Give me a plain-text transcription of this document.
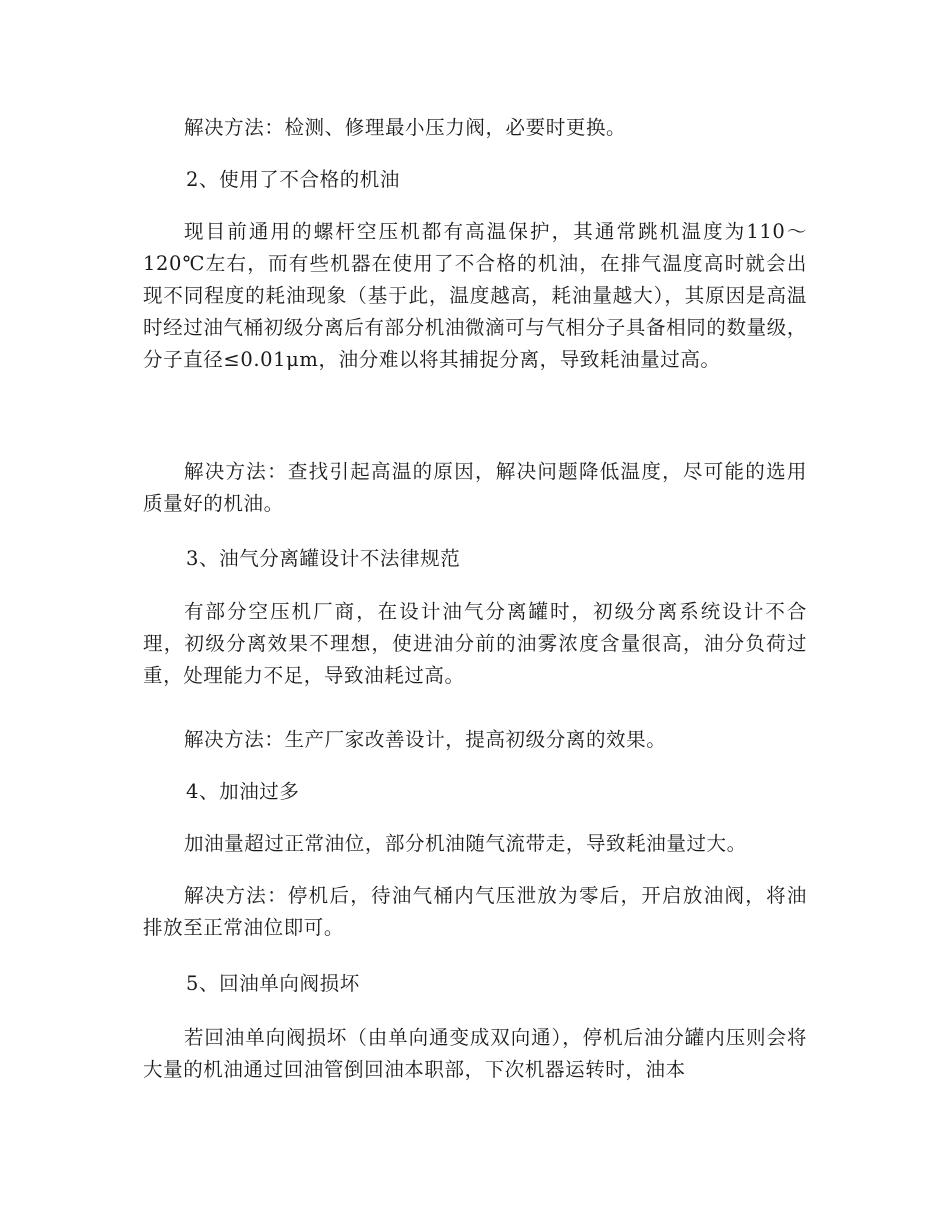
解决方法：检测、修理最小压力阀，必要时更换。

2、使用了不合格的机油

现目前通用的螺杆空压机都有高温保护，其通常跳机温度为110～120℃左右，而有些机器在使用了不合格的机油，在排气温度高时就会出现不同程度的耗油现象（基于此，温度越高，耗油量越大），其原因是高温时经过油气桶初级分离后有部分机油微滴可与气相分子具备相同的数量级，分子直径≤0.01μm，油分难以将其捕捉分离，导致耗油量过高。

解决方法：查找引起高温的原因，解决问题降低温度，尽可能的选用质量好的机油。

3、油气分离罐设计不法律规范

有部分空压机厂商，在设计油气分离罐时，初级分离系统设计不合理，初级分离效果不理想，使进油分前的油雾浓度含量很高，油分负荷过重，处理能力不足，导致油耗过高。

解决方法：生产厂家改善设计，提高初级分离的效果。

4、加油过多

加油量超过正常油位，部分机油随气流带走，导致耗油量过大。

解决方法：停机后，待油气桶内气压泄放为零后，开启放油阀，将油排放至正常油位即可。

5、回油单向阀损坏

若回油单向阀损坏（由单向通变成双向通），停机后油分罐内压则会将大量的机油通过回油管倒回油本职部，下次机器运转时，油本
